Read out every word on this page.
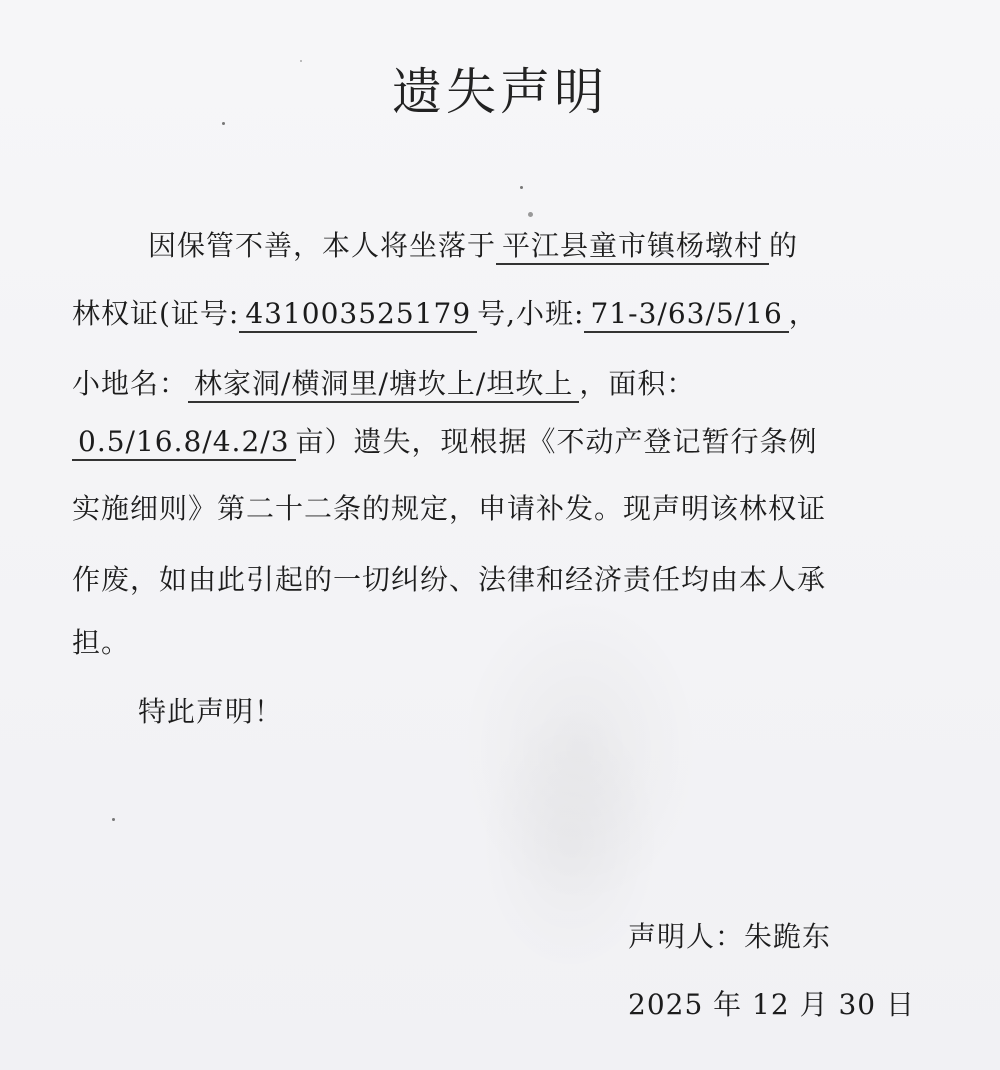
遗失声明
因保管不善，本人将坐落于 平江县童市镇杨墩村 的
林权证(证号: 431003525179 号,小班: 71-3/63/5/16 ，
小地名： 林家洞/横洞里/塘坎上/坦坎上 ，面积：
0.5/16.8/4.2/3 亩）遗失，现根据《不动产登记暂行条例
实施细则》第二十二条的规定，申请补发。现声明该林权证
作废，如由此引起的一切纠纷、法律和经济责任均由本人承
担。
特此声明！
声明人：朱跪东
2025 年 12 月 30 日
